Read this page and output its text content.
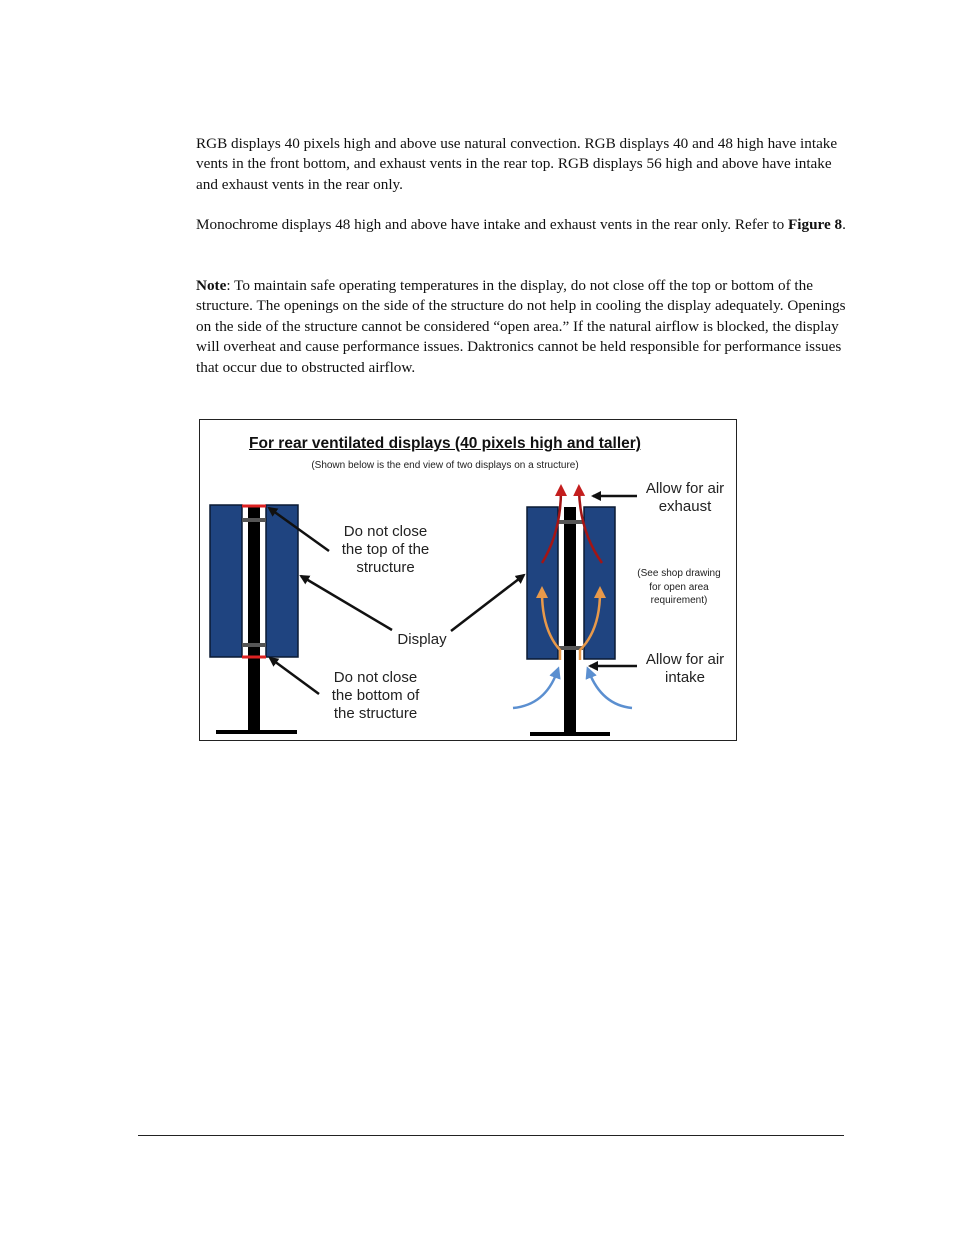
RGB displays 40 pixels high and above use natural convection. RGB displays 40 and 48 high have intake vents in the front bottom, and exhaust vents in the rear top. RGB displays 56 high and above have intake and exhaust vents in the rear only.

Monochrome displays 48 high and above have intake and exhaust vents in the rear only. Refer to Figure 8.

Note: To maintain safe operating temperatures in the display, do not close off the top or bottom of the structure. The openings on the side of the structure do not help in cooling the display adequately. Openings on the side of the structure cannot be considered “open area.” If the natural airflow is blocked, the display will overheat and cause performance issues. Daktronics cannot be held responsible for performance issues that occur due to obstructed airflow.

For rear ventilated displays (40 pixels high and taller)
(Shown below is the end view of two displays on a structure)
Do not close
the top of the
structure
Display
Do not close
the bottom of
the structure
Allow for air
exhaust
(See shop drawing
for open area
requirement)
Allow for air
intake
